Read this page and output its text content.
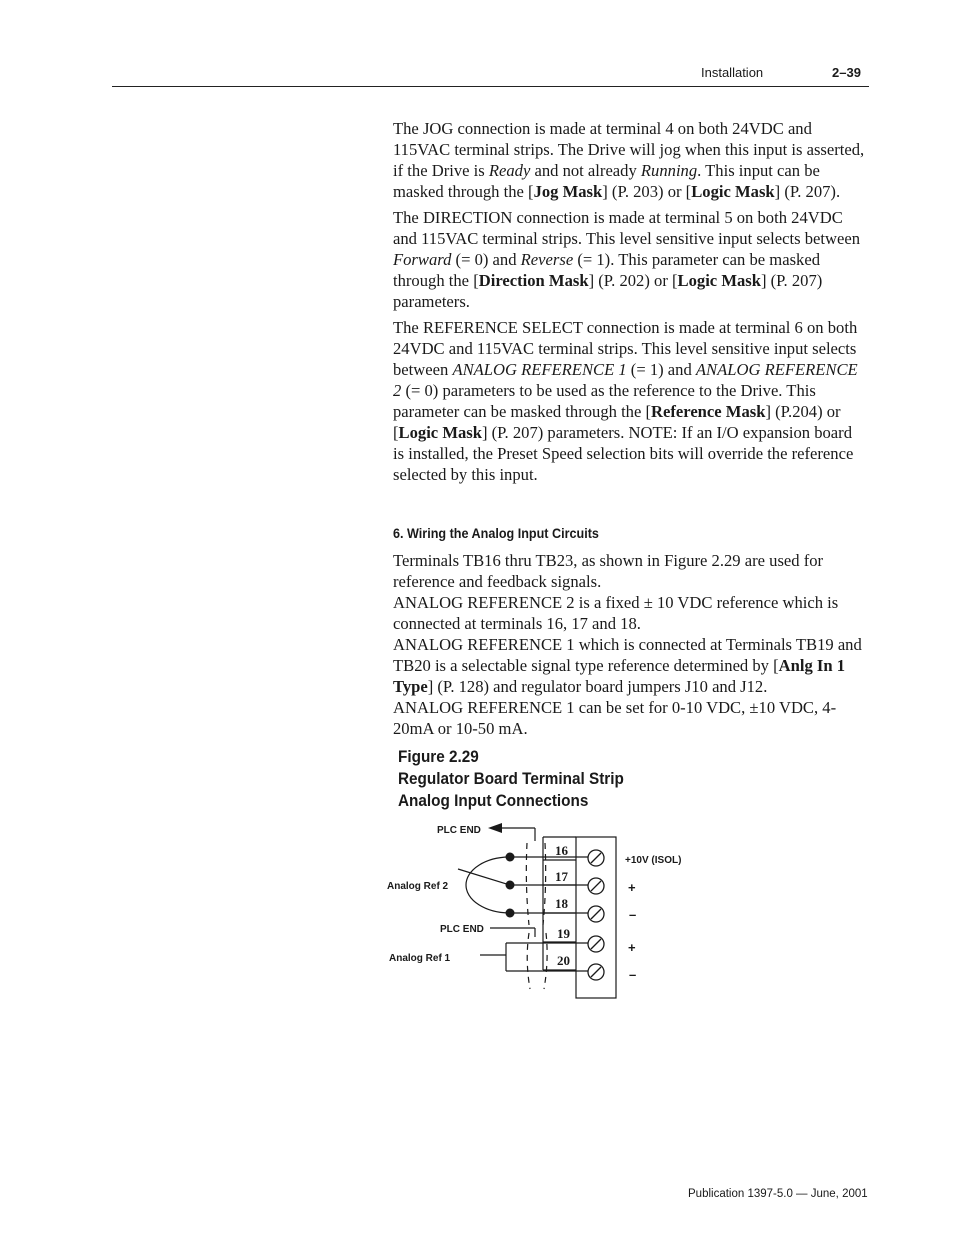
Installation	2–39

The JOG connection is made at terminal 4 on both 24VDC and 115VAC terminal strips. The Drive will jog when this input is asserted, if the Drive is Ready and not already Running. This input can be masked through the [Jog Mask] (P. 203) or [Logic Mask] (P. 207).

The DIRECTION connection is made at terminal 5 on both 24VDC and 115VAC terminal strips. This level sensitive input selects between Forward (= 0) and Reverse (= 1). This parameter can be masked through the [Direction Mask] (P. 202) or [Logic Mask] (P. 207) parameters.

The REFERENCE SELECT connection is made at terminal 6 on both 24VDC and 115VAC terminal strips. This level sensitive input selects between ANALOG REFERENCE 1 (= 1) and ANALOG REFERENCE 2 (= 0) parameters to be used as the reference to the Drive. This parameter can be masked through the [Reference Mask] (P.204) or [Logic Mask] (P. 207) parameters. NOTE: If an I/O expansion board is installed, the Preset Speed selection bits will override the reference selected by this input.

6. Wiring the Analog Input Circuits

Terminals TB16 thru TB23, as shown in Figure 2.29 are used for reference and feedback signals.

ANALOG REFERENCE 2 is a fixed ± 10 VDC reference which is connected at terminals 16, 17 and 18.

ANALOG REFERENCE 1 which is connected at Terminals TB19 and TB20 is a selectable signal type reference determined by [Anlg In 1 Type] (P. 128) and regulator board jumpers J10 and J12.

ANALOG REFERENCE 1 can be set for 0-10 VDC, ±10 VDC, 4-20mA or 10-50 mA.

Figure 2.29
Regulator Board Terminal Strip
Analog Input Connections
PLC END
Analog Ref 2
PLC END
Analog Ref 1
+10V (ISOL)
+
–
+
–
16
17
18
19
20
Publication 1397-5.0 — June, 2001
